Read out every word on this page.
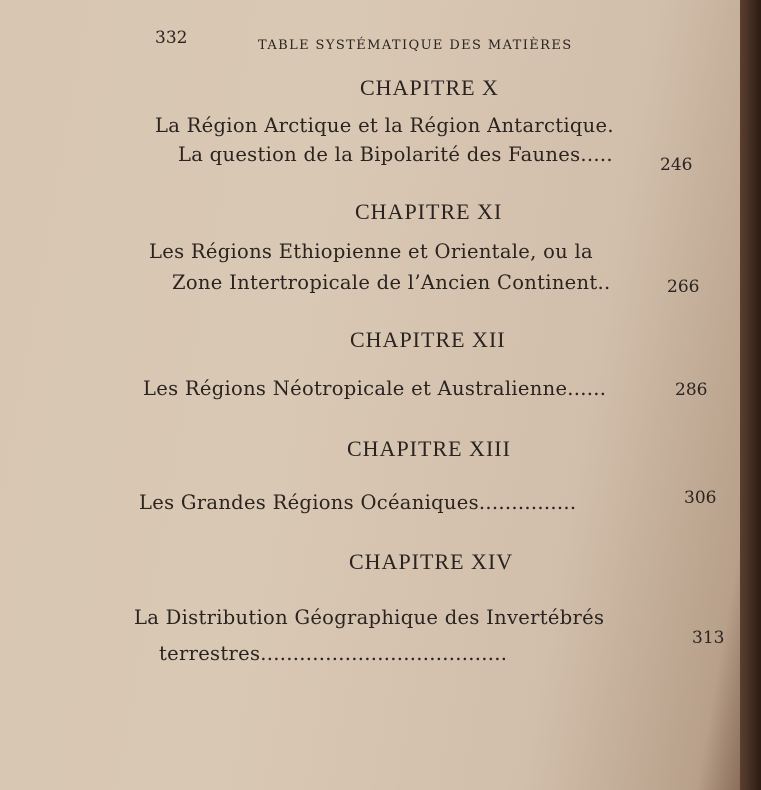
332	TABLE SYSTÉMATIQUE DES MATIÈRES
CHAPITRE X
La Région Arctique et la Région Antarctique.
La question de la Bipolarité des Faunes.....	246
CHAPITRE XI
Les Régions Ethiopienne et Orientale, ou la
Zone Intertropicale de l’Ancien Continent..	266
CHAPITRE XII
Les Régions Néotropicale et Australienne......	286
CHAPITRE XIII
Les Grandes Régions Océaniques...............	306
CHAPITRE XIV
La Distribution Géographique des Invertébrés
terrestres......................................
313
